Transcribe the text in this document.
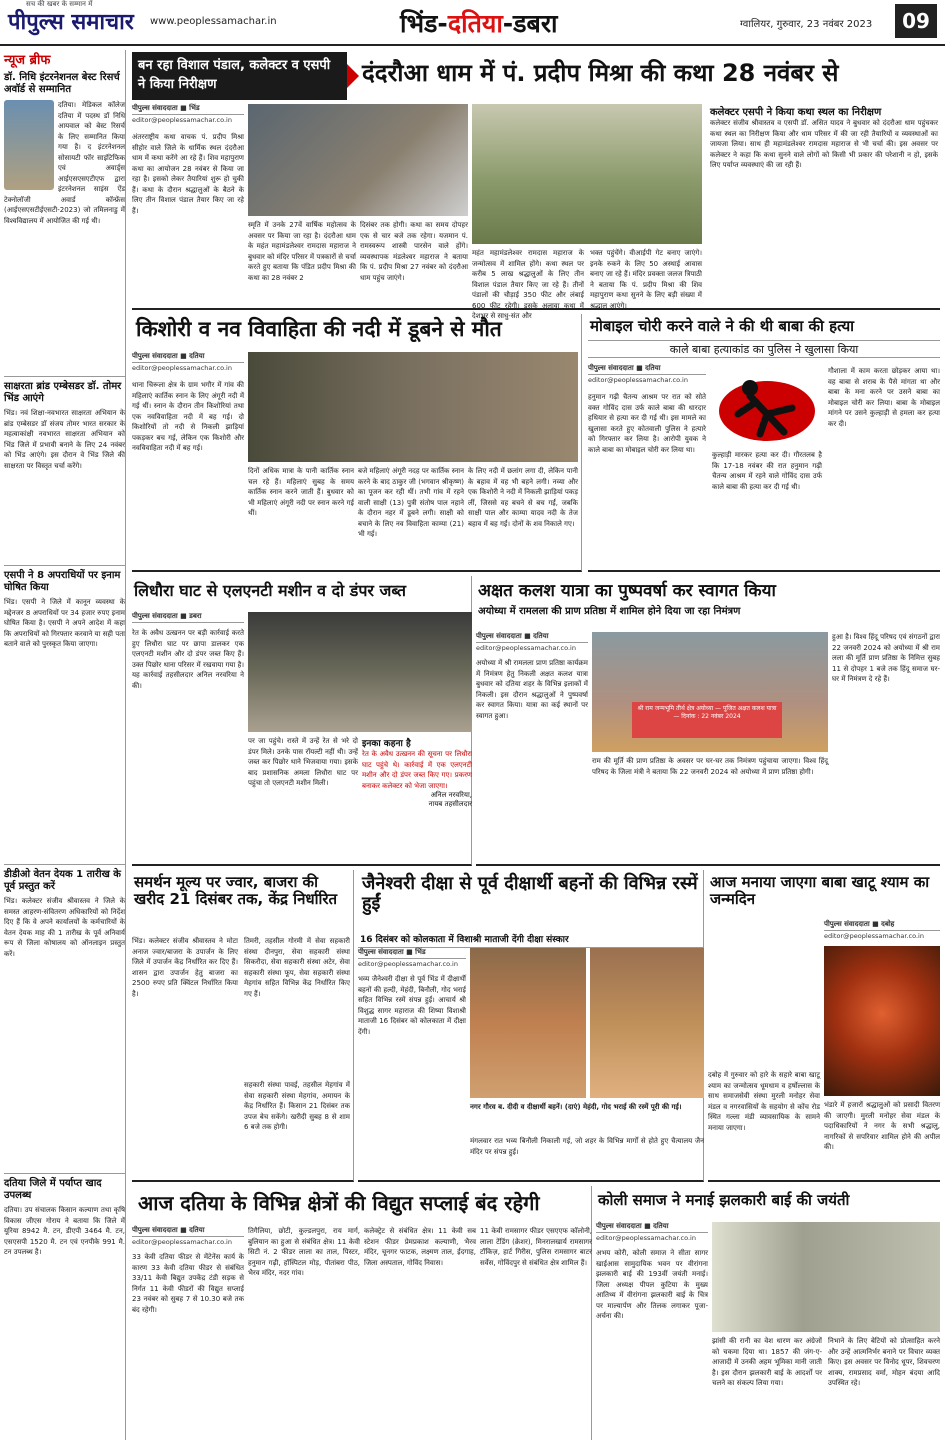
सच की खबर के सम्मान में
पीपुल्स समाचार www.peoplessamachar.in	भिंड-दतिया-डबरा	ग्वालियर, गुरुवार, 23 नवंबर 2023	09
न्यूज ब्रीफ
डॉ. निधि इंटरनेशनल बेस्ट रिसर्च अवॉर्ड से सम्मानित
दतिया। मेडिकल कॉलेज दतिया में पदस्थ डॉ निधि आयवाल को बेस्ट रिसर्च के लिए सम्मानित किया गया है। द इंटरनेशनल सोसायटी फॉर साइंटिफिक एवं अवार्ड्स आईएसएसएटीएफ द्वारा इंटरनेशनल साइंस ऐंड टेक्नोलॉजी अवार्ड कॉन्फ्रेंस (आईएसएसटीईएसटी-2023) जो तमिलनाडु में विश्वविद्यालय में आयोजित की गई थी।
साक्षरता ब्रांड एम्बेसडर डॉ. तोमर भिंड आएंगे
भिंड। नवं शिक्षा-नवभारत साक्षरता अभियान के ब्रांड एम्बेसडर डॉ संजय तोमर भारत सरकार के महत्वाकांक्षी नवभारत साक्षरता अभियान को भिंड जिले में प्रभावी बनाने के लिए 24 नवंबर को भिंड आएंगे। इस दौरान वे भिंड जिले की साक्षरता पर विस्तृत चर्चा करेंगे।
एसपी ने 8 अपराधियों पर इनाम घोषित किया
भिंड। एसपी ने जिले में कानून व्यवस्था के मद्देनजर 8 अपराधियों पर 34 हजार रुपए इनाम घोषित किया है। एसपी ने अपने आदेश में कहा कि अपराधियों को गिरफ्तार करवाने या सही पता बताने वाले को पुरस्कृत किया जाएगा।
डीडीओ वेतन देयक 1 तारीख के पूर्व प्रस्तुत करें
भिंड। कलेक्टर संजीव श्रीवास्तव ने जिले के समस्त आहरण-संवितरण अधिकारियों को निर्देश दिए हैं कि वे अपने कार्यालयों के कर्मचारियों के वेतन देयक माह की 1 तारीख के पूर्व अनिवार्य रूप से जिला कोषालय को ऑनलाइन प्रस्तुत करें।
दतिया जिले में पर्याप्त खाद उपलब्ध
दतिया। उप संचालक किसान कल्याण तथा कृषि विकास जीएस गोराय ने बताया कि जिले में यूरिया 8942 मै. टन, डीएपी 3464 मै. टन, एसएसपी 1520 मै. टन एवं एनपीके 991 मै. टन उपलब्ध है।
बन रहा विशाल पंडाल, कलेक्टर व एसपी ने किया निरीक्षण	दंदरौआ धाम में पं. प्रदीप मिश्रा की कथा 28 नवंबर से
पीपुल्स संवाददाता ■ भिंड
editor@peoplessamachar.co.in
अंतरराष्ट्रीय कथा वाचक पं. प्रदीप मिश्रा सीहोर वाले जिले के धार्मिक स्थल दंदरौआ धाम में कथा करेंगे आ रहे हैं। शिव महापुराण कथा का आयोजन 28 नवंबर से किया जा रहा है। इसको लेकर तैयारियां शुरू हो चुकी हैं। कथा के दौरान श्रद्धालुओं के बैठने के लिए तीन विशाल पंडाल तैयार किए जा रहे हैं।
स्मृति में उनके 27वें वार्षिक महोत्सव के अवसर पर किया जा रहा है। दंदरौआ धाम के महंत महामंडलेश्वर रामदास महाराज ने बुधवार को मंदिर परिसर में पत्रकारों से चर्चा करते हुए बताया कि पंडित प्रदीप मिश्रा की कथा का 28 नवंबर 2
दिसंबर तक होगी। कथा का समय दोपहर एक से चार बजे तक रहेगा। यजमान पं. रामस्वरूप शास्त्री पारसेन वाले होंगे। व्यवस्थापक मंडलेश्वर महाराज ने बताया कि पं. प्रदीप मिश्रा 27 नवंबर को दंदरौआ धाम पहुंच जाएंगे।
महंत महामंडलेश्वर रामदास महाराज के जन्मोत्सव में शामिल होंगे। कथा स्थल पर करीब 5 लाख श्रद्धालुओं के लिए तीन विशाल पंडाल तैयार किए जा रहे हैं। तीनों पंडालों की चौड़ाई 350 फीट और लंबाई 600 फीट रहेगी। इसके अलावा कथा में देशभर से साधु-संत और
भक्त पहुंचेंगे। वीआईपी गेट बनाए जाएंगे। इनके रुकने के लिए 50 अस्थाई आवास बनाए जा रहे हैं। मंदिर प्रवक्ता जलज त्रिपाठी ने बताया कि पं. प्रदीप मिश्रा की शिव महापुराण कथा सुनने के लिए बड़ी संख्या में श्रद्धालु आएंगे।
कलेक्टर एसपी ने किया कथा स्थल का निरीक्षण
कलेक्टर संजीव श्रीवास्तव व एसपी डॉ. असित यादव ने बुधवार को दंदरौआ धाम पहुंचकर कथा स्थल का निरीक्षण किया और धाम परिसर में की जा रही तैयारियों व व्यवस्थाओं का जायजा लिया। साथ ही महामंडलेश्वर रामदास महाराज से भी चर्चा की। इस अवसर पर कलेक्टर ने कहा कि कथा सुनने वाले लोगों को किसी भी प्रकार की परेशानी न हो, इसके लिए पर्याप्त व्यवस्थाएं की जा रही हैं।
किशोरी व नव विवाहिता की नदी में डूबने से मौत
पीपुल्स संवाददाता ■ दतिया
editor@peoplessamachar.co.in
थाना चिरूला क्षेत्र के ग्राम भगौर में गांव की महिलाएं कार्तिक स्नान के लिए अंगूरी नदी में गई थीं। स्नान के दौरान तीन किशोरियां तथा एक नवविवाहिता नदी में बह गई। दो किशोरियों तो नदी से निकली झाड़ियां पकड़कर बच गई, लेकिन एक किशोरी और नवविवाहिता नदी में बह गई।
दिनों अधिक मात्रा के पानी कार्तिक स्नान चल रहे हैं। महिलाएं सुबह के समय कार्तिक स्नान करने जाती हैं। बुधवार को भी महिलाएं अंगूरी नदी पर स्नान करने गई थीं।
बजे महिलाएं अंगूरी नदह पर कार्तिक स्नान करने के बाद ठाकुर जी (भगवान श्रीकृष्ण) का पूजन कर रही थीं। तभी गांव में रहने वाली साक्षी (13) पुत्री संतोष पाल नहाने के दौरान नहर में डूबने लगी। साक्षी को बचाने के लिए नव विवाहिता काम्या (21) भी गई।
के लिए नदी में छलांग लगा दी, लेकिन पानी के बहाव में वह भी बहने लगी। नव्या और एक किशोरी ने नदी में निकली झाड़ियां पकड़ लीं, जिससे वह बचने से बच गईं, जबकि साक्षी पाल और काम्या यादव नदी के तेज बहाव में बह गईं। दोनों के शव निकाले गए।
मोबाइल चोरी करने वाले ने की थी बाबा की हत्या
काले बाबा हत्याकांड का पुलिस ने खुलासा किया
पीपुल्स संवाददाता ■ दतिया
editor@peoplessamachar.co.in
हनुमान गढ़ी चैतन्य आश्रम पर रात को सोते वक्त गोविंद दास उर्फ काले बाबा की धारदार हथियार से हत्या कर दी गई थी। इस मामले का खुलासा करते हुए कोतवाली पुलिस ने हत्यारे को गिरफ्तार कर लिया है। आरोपी युवक ने काले बाबा का मोबाइल चोरी कर लिया था।
कुल्हाड़ी मारकर हत्या कर दी। गौरतलब है कि 17-18 नवंबर की रात हनुमान गढ़ी चैतन्य आश्रम में रहने वाले गोविंद दास उर्फ काले बाबा की हत्या कर दी गई थी।
गौशाला में काम करता छोड़कर आया था। वह बाबा से शराब के पैसे मांगता था और बाबा के मना करने पर उसने बाबा का मोबाइल चोरी कर लिया। बाबा के मोबाइल मांगने पर उसने कुल्हाड़ी से हमला कर हत्या कर दी।
लिधौरा घाट से एलएनटी मशीन व दो डंपर जब्त
पीपुल्स संवाददाता ■ डबरा
रेत के अवैध उत्खनन पर बड़ी कार्रवाई करते हुए लिधौरा घाट पर छापा डालकर एक एलएनटी मशीन और दो डंपर जब्त किए हैं। उक्त पिछोर थाना परिसर में रखवाया गया है। यह कार्रवाई तहसीलदार अनिल नरवरिया ने की।
पर जा पहुंचे। रास्ते में उन्हें रेत से भरे दो डंपर मिले। उनके पास रॉयल्टी नहीं थी। उन्हें जब्त कर पिछोर थाने भिजवाया गया। इसके बाद प्रशासनिक अमला लिधौरा घाट पर पहुंचा तो एलएनटी मशीन मिली।
इनका कहना है
रेत के अवैध उत्खनन की सूचना पर लिधौरा घाट पहुंचे थे। कार्रवाई में एक एलएनटी मशीन और दो डंपर जब्त किए गए। प्रकरण बनाकर कलेक्टर को भेजा जाएगा।
अनिल नरवरिया,
नायब तहसीलदार
अक्षत कलश यात्रा का पुष्पवर्षा कर स्वागत किया
अयोध्या में रामलला की प्राण प्रतिष्ठा में शामिल होने दिया जा रहा निमंत्रण
पीपुल्स संवाददाता ■ दतिया
editor@peoplessamachar.co.in
अयोध्या में श्री रामलला प्राण प्रतिष्ठा कार्यक्रम में निमंत्रण हेतु निकली अक्षत कलश यात्रा बुधवार को दतिया शहर के विभिन्न इलाकों में निकली। इस दौरान श्रद्धालुओं ने पुष्पवर्षा कर स्वागत किया। यात्रा का कई स्थानों पर स्वागत हुआ।
श्री राम जन्मभूमि तीर्थ क्षेत्र अयोध्या — पूजित अक्षत कलश यात्रा — दिनांक : 22 नवंबर 2024
राम की मूर्ति की प्राण प्रतिष्ठा के अवसर पर घर-घर तक निमंत्रण पहुंचाया जाएगा। विश्व हिंदू परिषद के जिला मंत्री ने बताया कि 22 जनवरी 2024 को अयोध्या में प्राण प्रतिष्ठा होगी।
हुआ है। विश्व हिंदू परिषद एवं संगठनों द्वारा 22 जनवरी 2024 को अयोध्या में श्री राम लला की मूर्ति प्राण प्रतिष्ठा के निमित्त सुबह 11 से दोपहर 1 बजे तक हिंदू समाज घर-घर में निमंत्रण दे रहे हैं।
समर्थन मूल्य पर ज्वार, बाजरा की खरीद 21 दिसंबर तक, केंद्र निर्धारित
भिंड। कलेक्टर संजीव श्रीवास्तव ने मोटा अनाज ज्वार/बाजरा के उपार्जन के लिए जिले में उपार्जन केंद्र निर्धारित कर दिए हैं। शासन द्वारा उपार्जन हेतु बाजरा का 2500 रुपए प्रति क्विंटल निर्धारित किया है।
तिमरी, तहसील गोरमी में सेवा सहकारी संस्था दीनपुरा, सेवा सहकारी संस्था सिकरौदा, सेवा सहकारी संस्था अटेर, सेवा सहकारी संस्था फूप, सेवा सहकारी संस्था मेहगांव सहित विभिन्न केंद्र निर्धारित किए गए हैं।
सहकारी संस्था पावई, तहसील मेहगांव में सेवा सहकारी संस्था मेहगांव, अमायन के केंद्र निर्धारित हैं। किसान 21 दिसंबर तक उपज बेच सकेंगे। खरीदी सुबह 8 से शाम 6 बजे तक होगी।
जैनेश्वरी दीक्षा से पूर्व दीक्षार्थी बहनों की विभिन्न रस्में हुईं
16 दिसंबर को कोलकाता में विशाश्री माताजी देंगी दीक्षा संस्कार
पीपुल्स संवाददाता ■ भिंड
editor@peoplessamachar.co.in
भव्य जैनेश्वरी दीक्षा से पूर्व भिंड में दीक्षार्थी बहनों की हल्दी, मेहंदी, बिनौली, गोद भराई सहित विभिन्न रस्में संपन्न हुईं। आचार्य श्री विशुद्ध सागर महाराज की शिष्या विशाश्री माताजी 16 दिसंबर को कोलकाता में दीक्षा देंगी।
नगर गौरव ब. दीदी व दीक्षार्थी बहनें। (दाएं) मेहंदी, गोद भराई की रस्में पूरी की गई।
मंगलवार रात भव्य बिनौली निकाली गई, जो शहर के विभिन्न मार्गों से होते हुए चैत्यालय जैन मंदिर पर संपन्न हुई।
आज मनाया जाएगा बाबा खाटू श्याम का जन्मदिन
पीपुल्स संवाददाता ■ दबोह
editor@peoplessamachar.co.in
दबोह में गुरुवार को हारे के सहारे बाबा खाटू श्याम का जन्मोत्सव धूमधाम व हर्षोल्लास के साथ समाजसेवी संस्था मुरली मनोहर सेवा मंडल व नगरवासियों के सहयोग से कोंच रोड स्थित गल्ला मंडी व्यावसायिक के सामने मनाया जाएगा।
भंडारे में हजारों श्रद्धालुओं को प्रसादी वितरण की जाएगी। मुरली मनोहर सेवा मंडल के पदाधिकारियों ने नगर के सभी श्रद्धालु, नागरिकों से सपरिवार शामिल होने की अपील की।
आज दतिया के विभिन्न क्षेत्रों की विद्युत सप्लाई बंद रहेगी
पीपुल्स संवाददाता ■ दतिया
editor@peoplessamachar.co.in
33 केवी दतिया फीडर से मेंटेनेंस कार्य के कारण 33 केवी दतिया फीडर से संबंधित 33/11 केवी बिद्युत उपकेंद्र टंडी सड़क से निर्गत 11 केवी फीडरों की विद्युत सप्लाई 23 नवंबर को सुबह 7 से 10.30 बजे तक बंद रहेगी।
तिगैलिया, छोटी, कुल्डलपुरा, राय मार्ग, बुलियान का हुआ से संबंधित क्षेत्र। 11 केवी सिटी नं. 2 फीडर लाला का ताल, पिस्टर, हनुमान गढ़ी, हॉस्पिटल मोड़, पीतांबरा पीठ, भैरव मंदिर, नदर गांव।
कलेक्ट्रेट से संबंधित क्षेत्र। 11 केवी सब स्टेशन फीडर प्रेमप्रकाश कल्याणी, भैरव मंदिर, चूनगर फाटक, लक्ष्मण ताल, ईदगाह, जिला अस्पताल, गोविंद निवास।
11 केवी रामसागर फीडर एसएएफ कॉलोनी, लाला टेंडिंग (क्रेशर), मिनरालखार्य रामसागर टॉकिज़, हार्ट गिरीस, पुलिस रामसागर बाटर सर्वेस, गोविंदपुर से संबंधित क्षेत्र शामिल हैं।
कोली समाज ने मनाई झलकारी बाई की जयंती
पीपुल्स संवाददाता ■ दतिया
editor@peoplessamachar.co.in
अभय कोरी, कोली समाज ने सीता सागर खाईआस सामुदायिक भवन पर वीरांगना झलकारी बाई की 193वीं जयंती मनाई। जिला अध्यक्ष पीपल कुटिया के मुख्य आतिथ्य में वीरांगना झलकारी बाई के चित्र पर माल्यार्पण और तिलक लगाकर पूजा-अर्चना की।
झांसी की रानी का वेश धारण कर अंग्रेजों को चकमा दिया था। 1857 की जंग-ए-आजादी में उनकी अहम भूमिका मानी जाती है। इस दौरान झलकारी बाई के आदर्शों पर चलने का संकल्प लिया गया।
निभाने के लिए बेटियों को प्रोत्साहित करने और उन्हें आत्मनिर्भर बनाने पर विचार व्यक्त किए। इस अवसर पर विनोद धूपर, शिवचरण शाक्य, रामप्रसाद वर्मा, मोहन बंदया आदि उपस्थित रहे।
